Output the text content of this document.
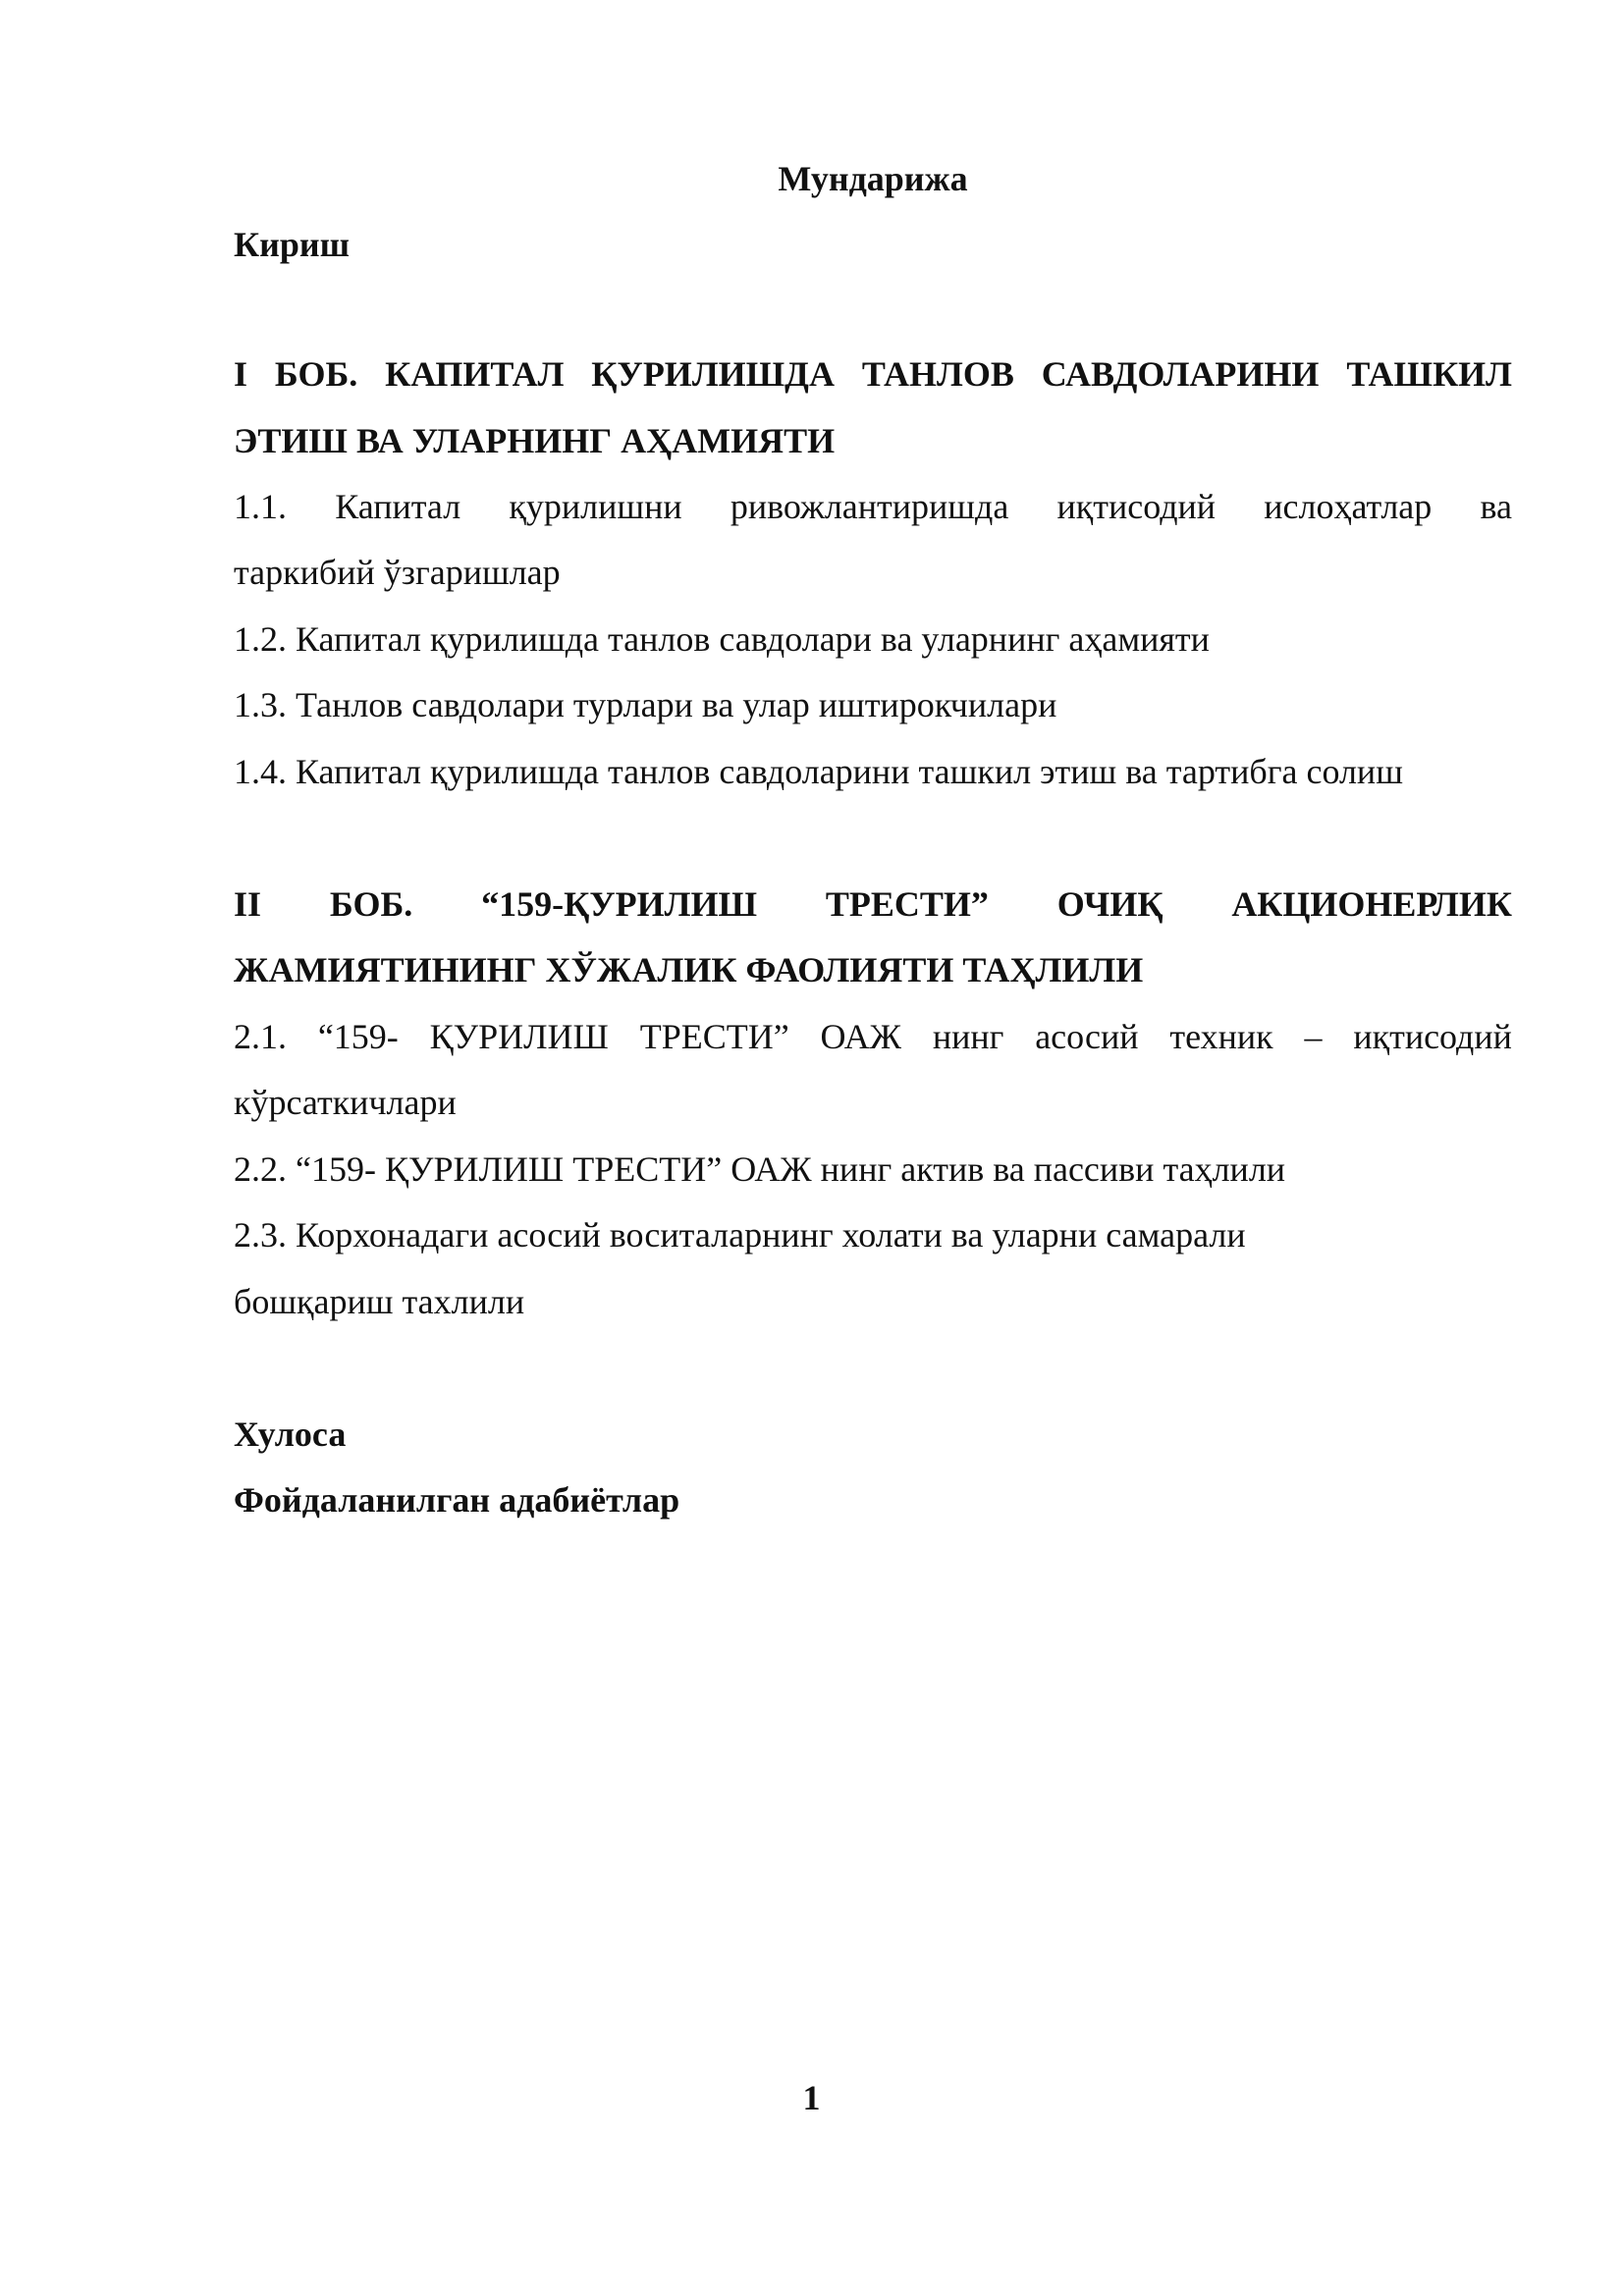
Мундарижа
Кириш
I БОБ. КАПИТАЛ ҚУРИЛИШДА ТАНЛОВ САВДОЛАРИНИ ТАШКИЛ
ЭТИШ ВА УЛАРНИНГ АҲАМИЯТИ
1.1. Капитал қурилишни ривожлантиришда иқтисодий ислоҳатлар ва
таркибий ўзгаришлар
1.2. Капитал қурилишда танлов савдолари ва уларнинг аҳамияти
1.3. Танлов савдолари турлари ва улар иштирокчилари
1.4. Капитал қурилишда танлов савдоларини ташкил этиш ва тартибга солиш
II БОБ. “159-ҚУРИЛИШ ТРЕСТИ” ОЧИҚ АКЦИОНЕРЛИК
ЖАМИЯТИНИНГ ХЎЖАЛИК ФАОЛИЯТИ ТАҲЛИЛИ
2.1. “159- ҚУРИЛИШ ТРЕСТИ” ОАЖ нинг асосий техник – иқтисодий
кўрсаткичлари
2.2. “159- ҚУРИЛИШ ТРЕСТИ” ОАЖ нинг актив ва пассиви таҳлили
2.3. Корхонадаги асосий воситаларнинг холати ва уларни самарали
бошқариш тахлили
Хулоса
Фойдаланилган адабиётлар
1
